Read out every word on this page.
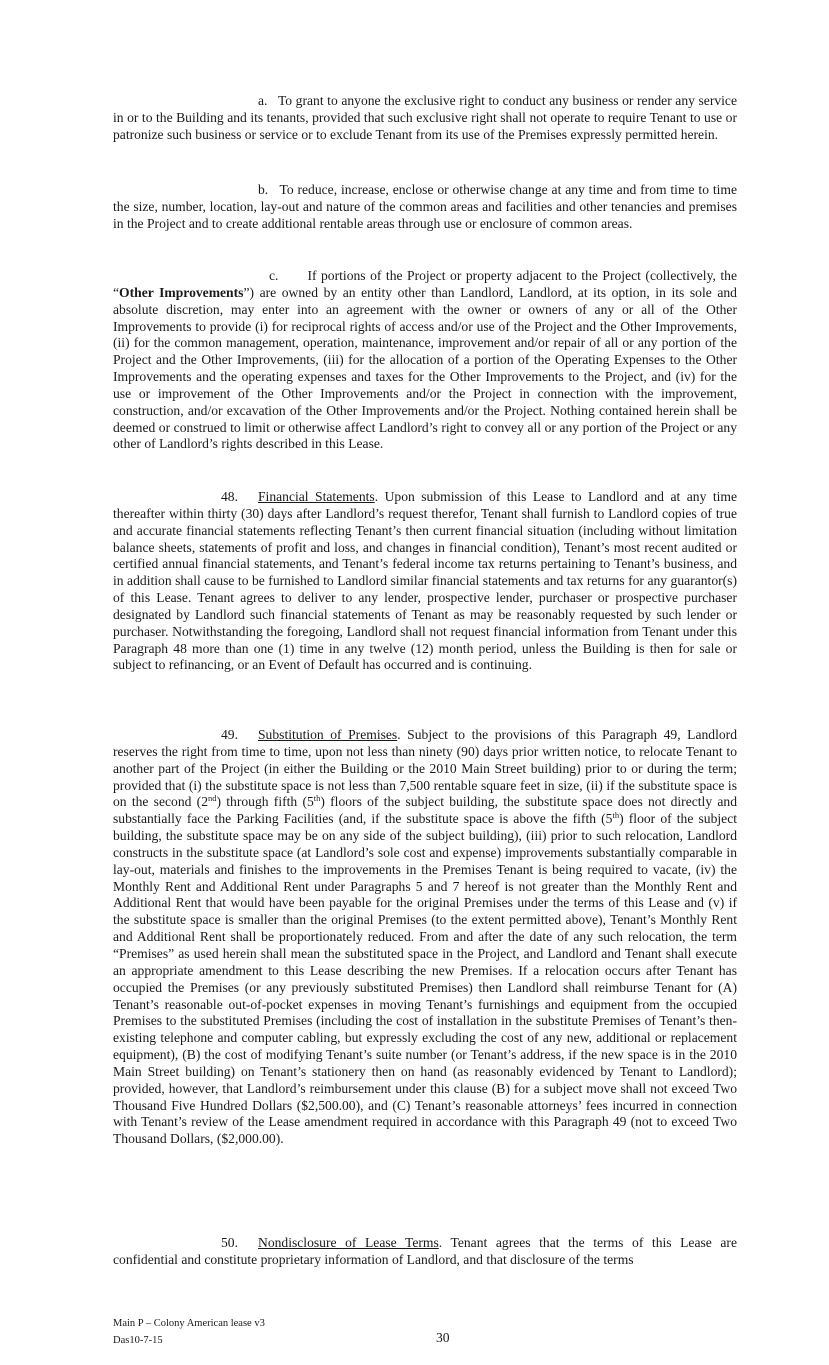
a. To grant to anyone the exclusive right to conduct any business or render any service in or to the Building and its tenants, provided that such exclusive right shall not operate to require Tenant to use or patronize such business or service or to exclude Tenant from its use of the Premises expressly permitted herein.

b. To reduce, increase, enclose or otherwise change at any time and from time to time the size, number, location, lay-out and nature of the common areas and facilities and other tenancies and premises in the Project and to create additional rentable areas through use or enclosure of common areas.

c. If portions of the Project or property adjacent to the Project (collectively, the “Other Improvements”) are owned by an entity other than Landlord, Landlord, at its option, in its sole and absolute discretion, may enter into an agreement with the owner or owners of any or all of the Other Improvements to provide (i) for reciprocal rights of access and/or use of the Project and the Other Improvements, (ii) for the common management, operation, maintenance, improvement and/or repair of all or any portion of the Project and the Other Improvements, (iii) for the allocation of a portion of the Operating Expenses to the Other Improvements and the operating expenses and taxes for the Other Improvements to the Project, and (iv) for the use or improvement of the Other Improvements and/or the Project in connection with the improvement, construction, and/or excavation of the Other Improvements and/or the Project. Nothing contained herein shall be deemed or construed to limit or otherwise affect Landlord’s right to convey all or any portion of the Project or any other of Landlord’s rights described in this Lease.

48. Financial Statements. Upon submission of this Lease to Landlord and at any time thereafter within thirty (30) days after Landlord’s request therefor, Tenant shall furnish to Landlord copies of true and accurate financial statements reflecting Tenant’s then current financial situation (including without limitation balance sheets, statements of profit and loss, and changes in financial condition), Tenant’s most recent audited or certified annual financial statements, and Tenant’s federal income tax returns pertaining to Tenant’s business, and in addition shall cause to be furnished to Landlord similar financial statements and tax returns for any guarantor(s) of this Lease. Tenant agrees to deliver to any lender, prospective lender, purchaser or prospective purchaser designated by Landlord such financial statements of Tenant as may be reasonably requested by such lender or purchaser. Notwithstanding the foregoing, Landlord shall not request financial information from Tenant under this Paragraph 48 more than one (1) time in any twelve (12) month period, unless the Building is then for sale or subject to refinancing, or an Event of Default has occurred and is continuing.

49. Substitution of Premises. Subject to the provisions of this Paragraph 49, Landlord reserves the right from time to time, upon not less than ninety (90) days prior written notice, to relocate Tenant to another part of the Project (in either the Building or the 2010 Main Street building) prior to or during the term; provided that (i) the substitute space is not less than 7,500 rentable square feet in size, (ii) if the substitute space is on the second (2nd) through fifth (5th) floors of the subject building, the substitute space does not directly and substantially face the Parking Facilities (and, if the substitute space is above the fifth (5th) floor of the subject building, the substitute space may be on any side of the subject building), (iii) prior to such relocation, Landlord constructs in the substitute space (at Landlord’s sole cost and expense) improvements substantially comparable in lay-out, materials and finishes to the improvements in the Premises Tenant is being required to vacate, (iv) the Monthly Rent and Additional Rent under Paragraphs 5 and 7 hereof is not greater than the Monthly Rent and Additional Rent that would have been payable for the original Premises under the terms of this Lease and (v) if the substitute space is smaller than the original Premises (to the extent permitted above), Tenant’s Monthly Rent and Additional Rent shall be proportionately reduced. From and after the date of any such relocation, the term “Premises” as used herein shall mean the substituted space in the Project, and Landlord and Tenant shall execute an appropriate amendment to this Lease describing the new Premises. If a relocation occurs after Tenant has occupied the Premises (or any previously substituted Premises) then Landlord shall reimburse Tenant for (A) Tenant’s reasonable out-of-pocket expenses in moving Tenant’s furnishings and equipment from the occupied Premises to the substituted Premises (including the cost of installation in the substitute Premises of Tenant’s then-existing telephone and computer cabling, but expressly excluding the cost of any new, additional or replacement equipment), (B) the cost of modifying Tenant’s suite number (or Tenant’s address, if the new space is in the 2010 Main Street building) on Tenant’s stationery then on hand (as reasonably evidenced by Tenant to Landlord); provided, however, that Landlord’s reimbursement under this clause (B) for a subject move shall not exceed Two Thousand Five Hundred Dollars ($2,500.00), and (C) Tenant’s reasonable attorneys’ fees incurred in connection with Tenant’s review of the Lease amendment required in accordance with this Paragraph 49 (not to exceed Two Thousand Dollars, ($2,000.00).

50. Nondisclosure of Lease Terms. Tenant agrees that the terms of this Lease are confidential and constitute proprietary information of Landlord, and that disclosure of the terms

Main P – Colony American lease v3
Das10-7-15	30
